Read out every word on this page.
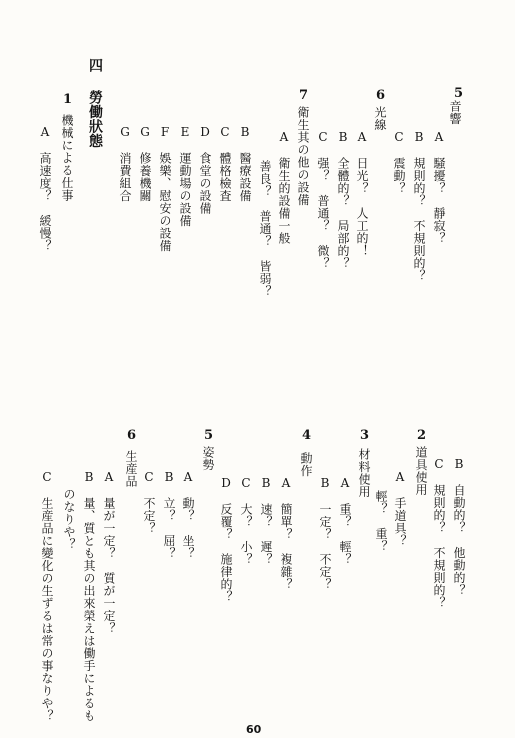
5
音響
A　騒擾？　靜寂？
B　規則的？　不規則的？
C　震動？
6
光線
A　日光？　人工的！
B　全體的？　局部的？
C　强？　普通？　微？
7
衛生其の他の設備
A　衛生的設備一般
善良？　普通？　皆弱？
B　醫療設備
C　體格檢査
D　食堂の設備
E　運動場の設備
F　娛樂、慰安の設備
G　修養機關
G　消費組合
四
勞働狀態
1
機械による仕事
A　高速度？　緩慢？
B　自動的？　他動的？
C　規則的？　不規則的？
2
道具使用
A　手道具？
輕？　重？
3
材料使用
A　重？　輕？
B　一定？　不定？
4
動作
A　簡單？　複雜？
B　速？　遲？
C　大？　小？
D　反覆？　施律的？
5
姿勢
A　動？　坐？
B　立？　屈？
C　不定？
6
生産品
A　量が一定？　質が一定？
B　量、質とも其の出來榮えは働手によるも
のなりや？
C　生産品に變化の生ずるは常の事なりや？
60
